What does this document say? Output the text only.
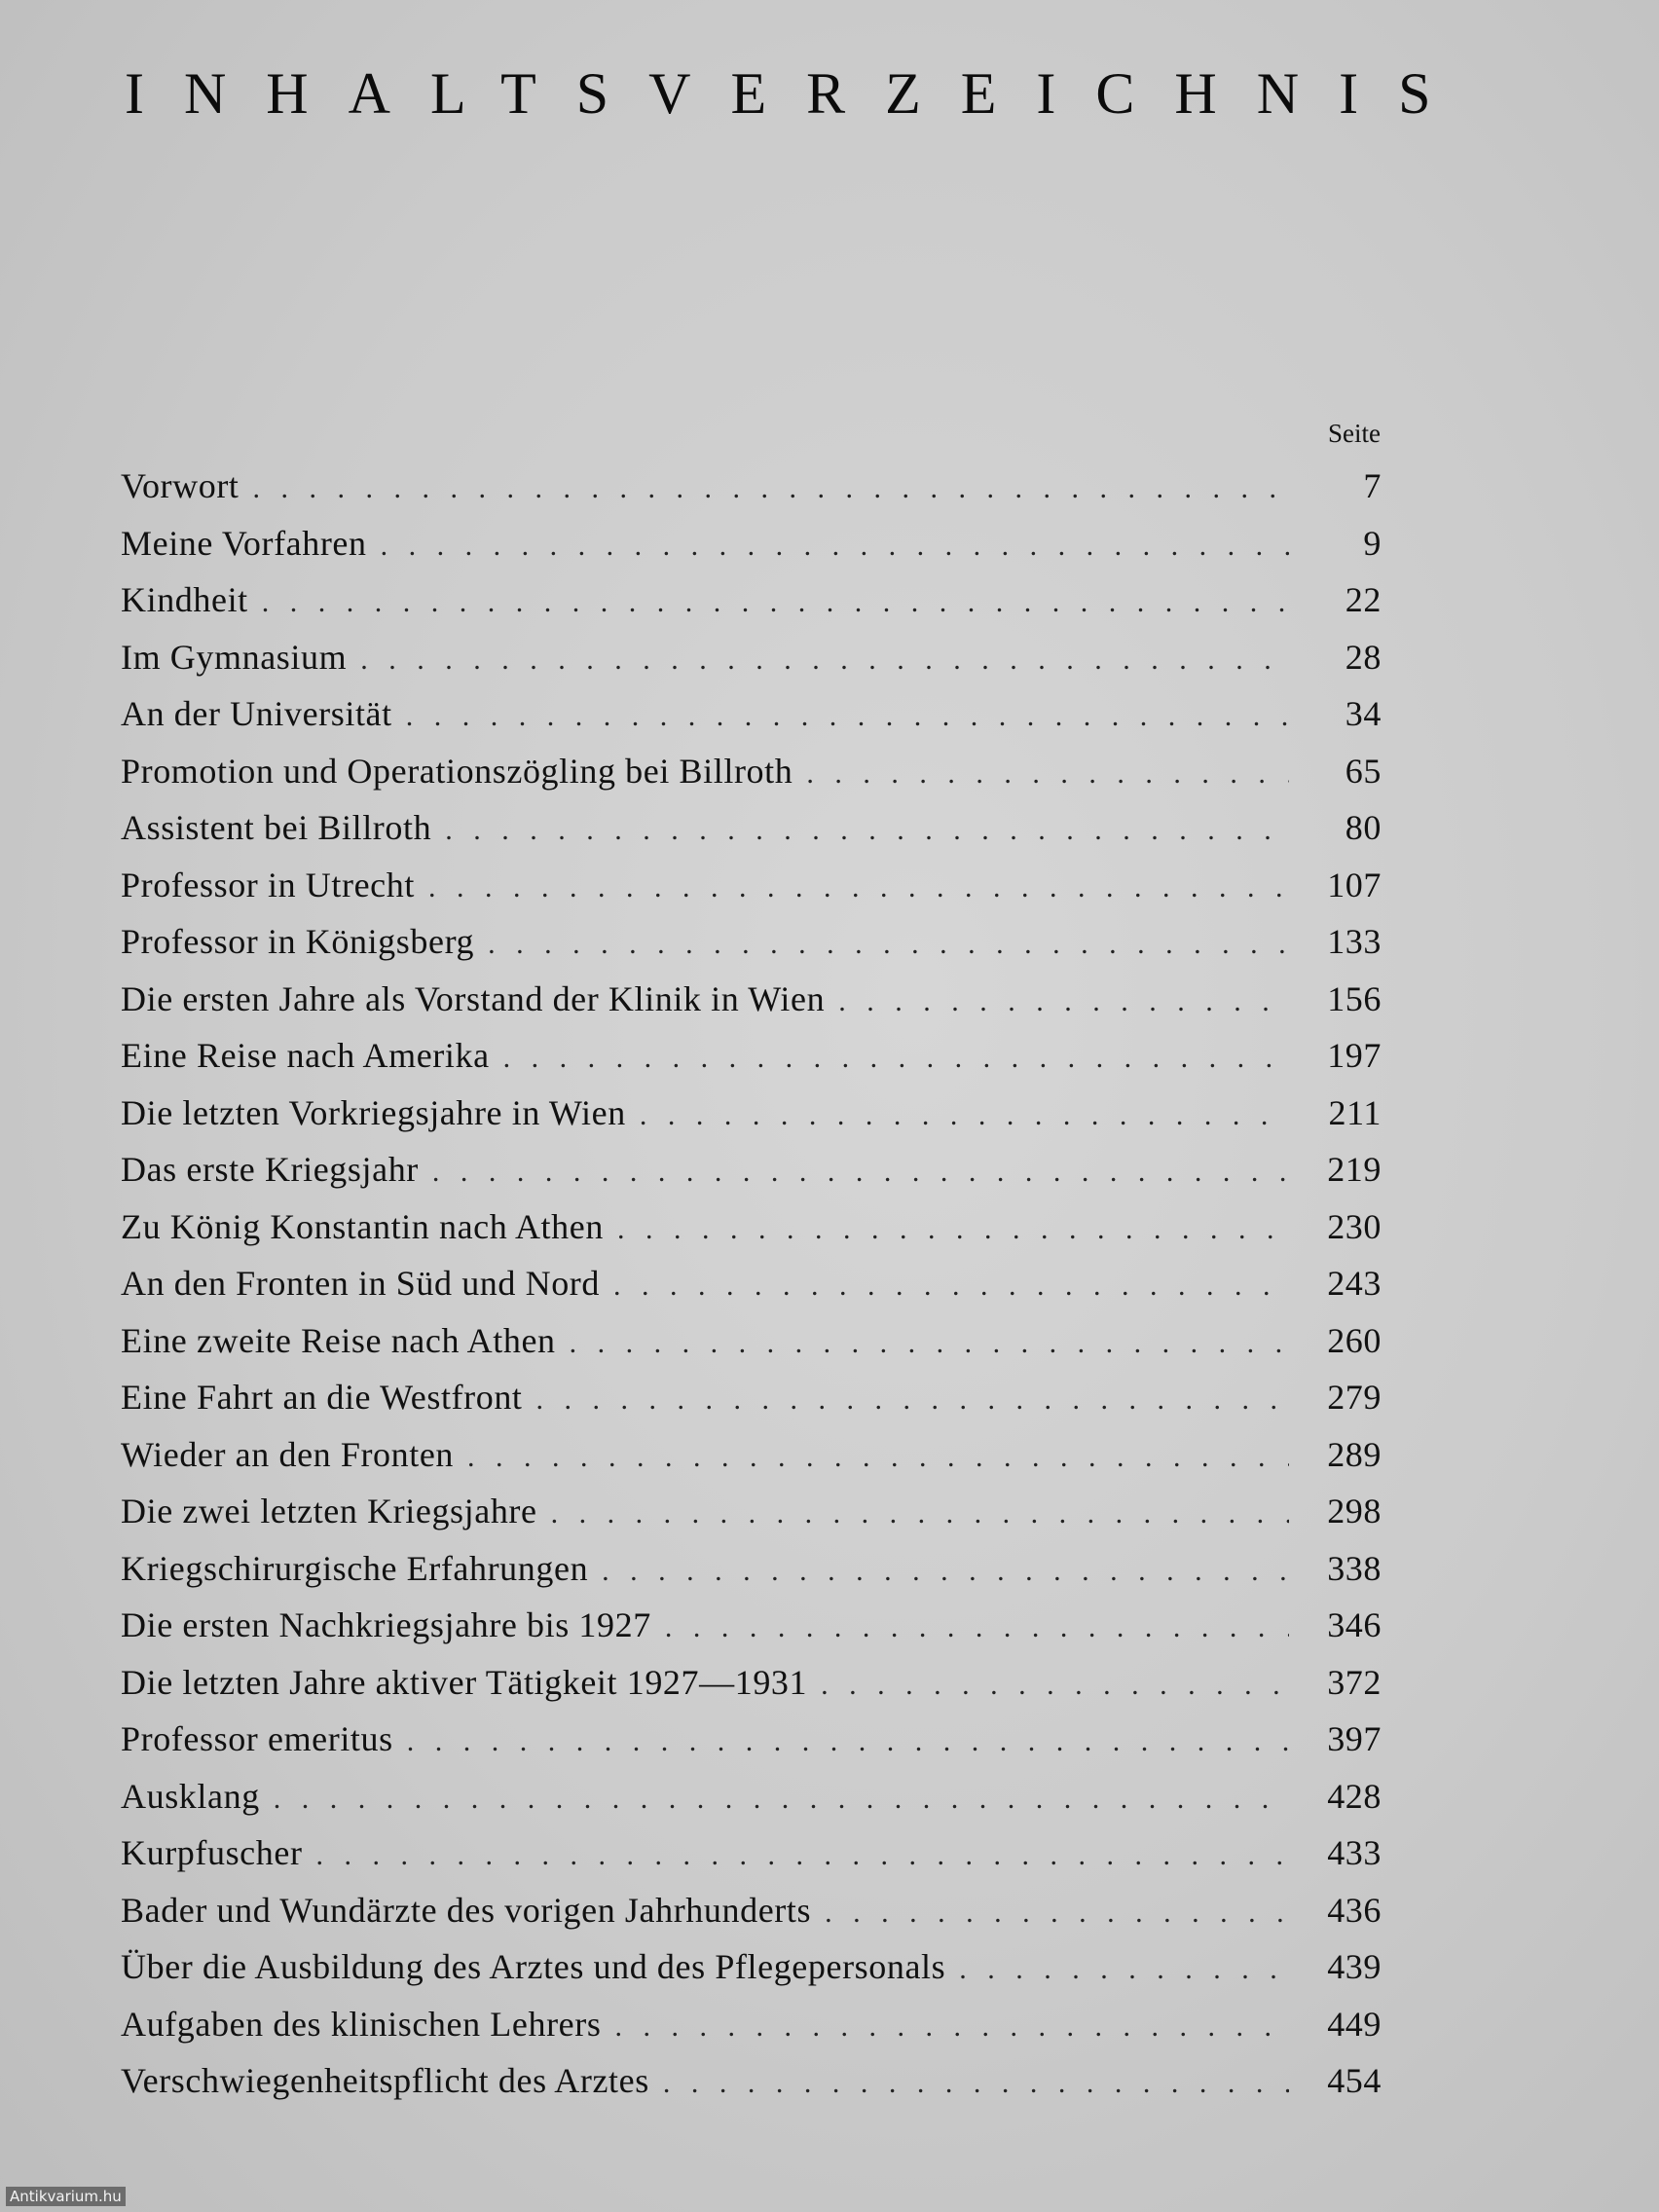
INHALTSVERZEICHNIS
Seite
Vorwort . . .	7
Meine Vorfahren . . .	9
Kindheit . . .	22
Im Gymnasium . . .	28
An der Universität . . .	34
Promotion und Operationszögling bei Billroth . . .	65
Assistent bei Billroth . . .	80
Professor in Utrecht . . .	107
Professor in Königsberg . . .	133
Die ersten Jahre als Vorstand der Klinik in Wien . . .	156
Eine Reise nach Amerika . . .	197
Die letzten Vorkriegsjahre in Wien . . .	211
Das erste Kriegsjahr . . .	219
Zu König Konstantin nach Athen . . .	230
An den Fronten in Süd und Nord . . .	243
Eine zweite Reise nach Athen . . .	260
Eine Fahrt an die Westfront . . .	279
Wieder an den Fronten . . .	289
Die zwei letzten Kriegsjahre . . .	298
Kriegschirurgische Erfahrungen . . .	338
Die ersten Nachkriegsjahre bis 1927 . . .	346
Die letzten Jahre aktiver Tätigkeit 1927—1931 . . .	372
Professor emeritus . . .	397
Ausklang . . .	428
Kurpfuscher . . .	433
Bader und Wundärzte des vorigen Jahrhunderts . . .	436
Über die Ausbildung des Arztes und des Pflegepersonals . . .	439
Aufgaben des klinischen Lehrers . . .	449
Verschwiegenheitspflicht des Arztes . . .	454
Antikvarium.hu
